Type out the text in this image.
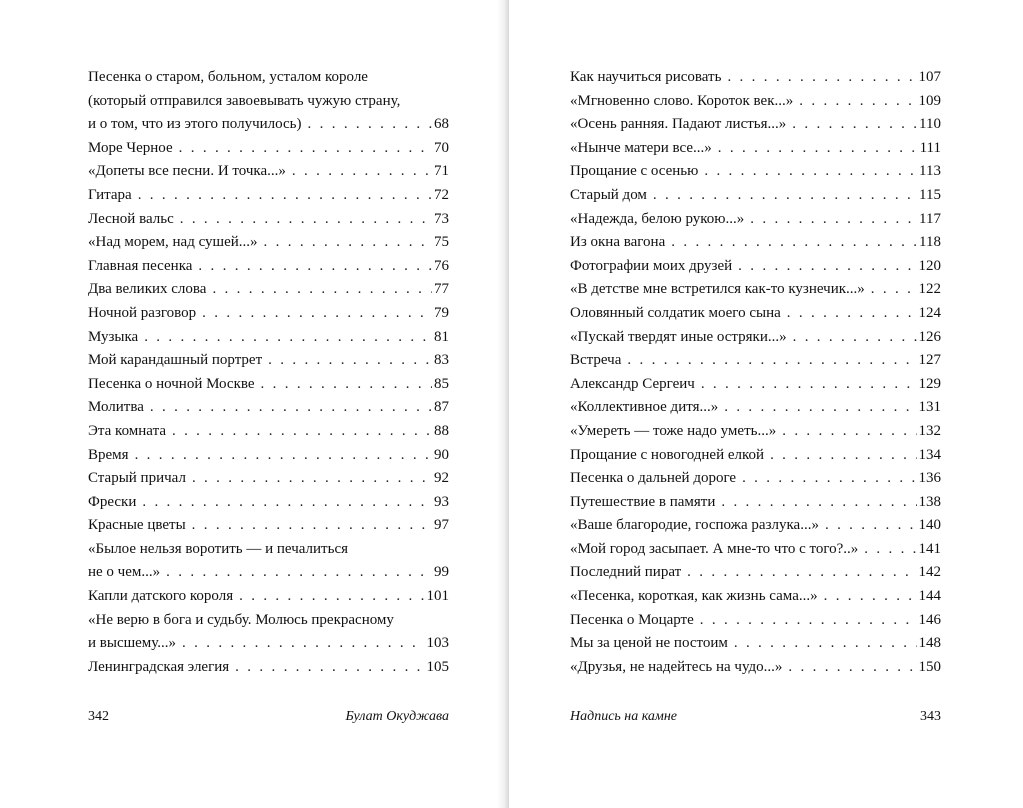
Песенка о старом, больном, усталом короле
(который отправился завоевывать чужую страну,
и о том, что из этого получилось) . . .	68
Море Черное . . .	70
«Допеты все песни. И точка...» . . .	71
Гитара . . .	72
Лесной вальс . . .	73
«Над морем, над сушей...» . . .	75
Главная песенка . . .	76
Два великих слова . . .	77
Ночной разговор . . .	79
Музыка . . .	81
Мой карандашный портрет . . .	83
Песенка о ночной Москве . . .	85
Молитва . . .	87
Эта комната . . .	88
Время . . .	90
Старый причал . . .	92
Фрески . . .	93
Красные цветы . . .	97
«Былое нельзя воротить — и печалиться
не о чем...» . . .	99
Капли датского короля . . .	101
«Не верю в бога и судьбу. Молюсь прекрасному
и высшему...» . . .	103
Ленинградская элегия . . .	105
342	Булат Окуджава
Как научиться рисовать . . .	107
«Мгновенно слово. Короток век...» . . .	109
«Осень ранняя. Падают листья...» . . .	110
«Нынче матери все...» . . .	111
Прощание с осенью . . .	113
Старый дом . . .	115
«Надежда, белою рукою...» . . .	117
Из окна вагона . . .	118
Фотографии моих друзей . . .	120
«В детстве мне встретился как-то кузнечик...» . . .	122
Оловянный солдатик моего сына . . .	124
«Пускай твердят иные остряки...» . . .	126
Встреча . . .	127
Александр Сергеич . . .	129
«Коллективное дитя...» . . .	131
«Умереть — тоже надо уметь...» . . .	132
Прощание с новогодней елкой . . .	134
Песенка о дальней дороге . . .	136
Путешествие в памяти . . .	138
«Ваше благородие, госпожа разлука...» . . .	140
«Мой город засыпает. А мне-то что с того?..» . . .	141
Последний пират . . .	142
«Песенка, короткая, как жизнь сама...» . . .	144
Песенка о Моцарте . . .	146
Мы за ценой не постоим . . .	148
«Друзья, не надейтесь на чудо...» . . .	150
Надпись на камне	343
